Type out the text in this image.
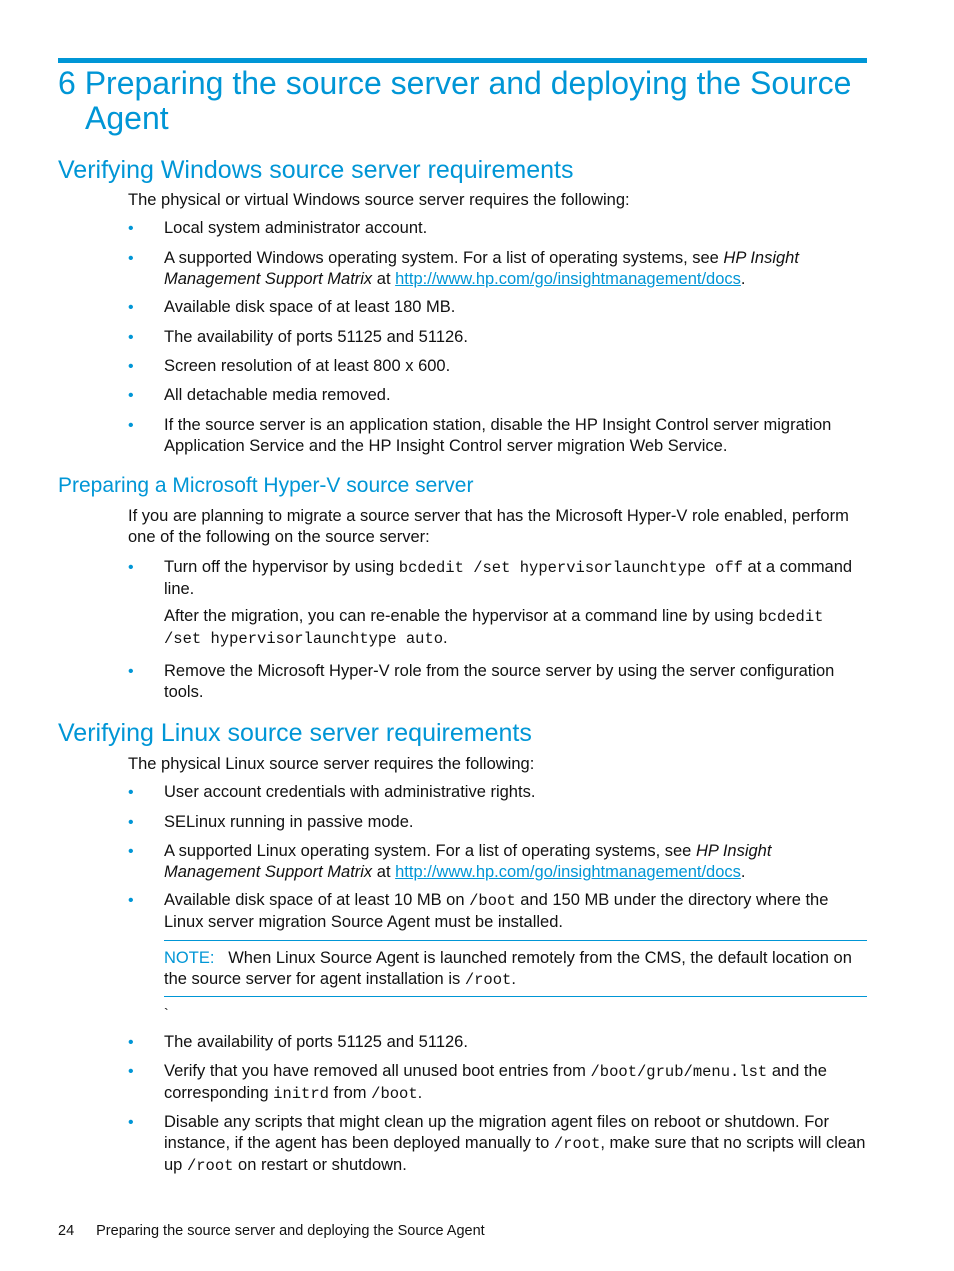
6 Preparing the source server and deploying the Source Agent
Verifying Windows source server requirements

The physical or virtual Windows source server requires the following:

• Local system administrator account.
• A supported Windows operating system. For a list of operating systems, see HP Insight Management Support Matrix at http://www.hp.com/go/insightmanagement/docs.
• Available disk space of at least 180 MB.
• The availability of ports 51125 and 51126.
• Screen resolution of at least 800 x 600.
• All detachable media removed.
• If the source server is an application station, disable the HP Insight Control server migration Application Service and the HP Insight Control server migration Web Service.
Preparing a Microsoft Hyper-V source server

If you are planning to migrate a source server that has the Microsoft Hyper-V role enabled, perform one of the following on the source server:

• Turn off the hypervisor by using bcdedit /set hypervisorlaunchtype off at a command line.

After the migration, you can re-enable the hypervisor at a command line by using bcdedit /set hypervisorlaunchtype auto.

• Remove the Microsoft Hyper-V role from the source server by using the server configuration tools.
Verifying Linux source server requirements

The physical Linux source server requires the following:

• User account credentials with administrative rights.
• SELinux running in passive mode.
• A supported Linux operating system. For a list of operating systems, see HP Insight Management Support Matrix at http://www.hp.com/go/insightmanagement/docs.
• Available disk space of at least 10 MB on /boot and 150 MB under the directory where the Linux server migration Source Agent must be installed.

NOTE: When Linux Source Agent is launched remotely from the CMS, the default location on the source server for agent installation is /root.

`

• The availability of ports 51125 and 51126.
• Verify that you have removed all unused boot entries from /boot/grub/menu.lst and the corresponding initrd from /boot.
• Disable any scripts that might clean up the migration agent files on reboot or shutdown. For instance, if the agent has been deployed manually to /root, make sure that no scripts will clean up /root on restart or shutdown.
24 Preparing the source server and deploying the Source Agent
